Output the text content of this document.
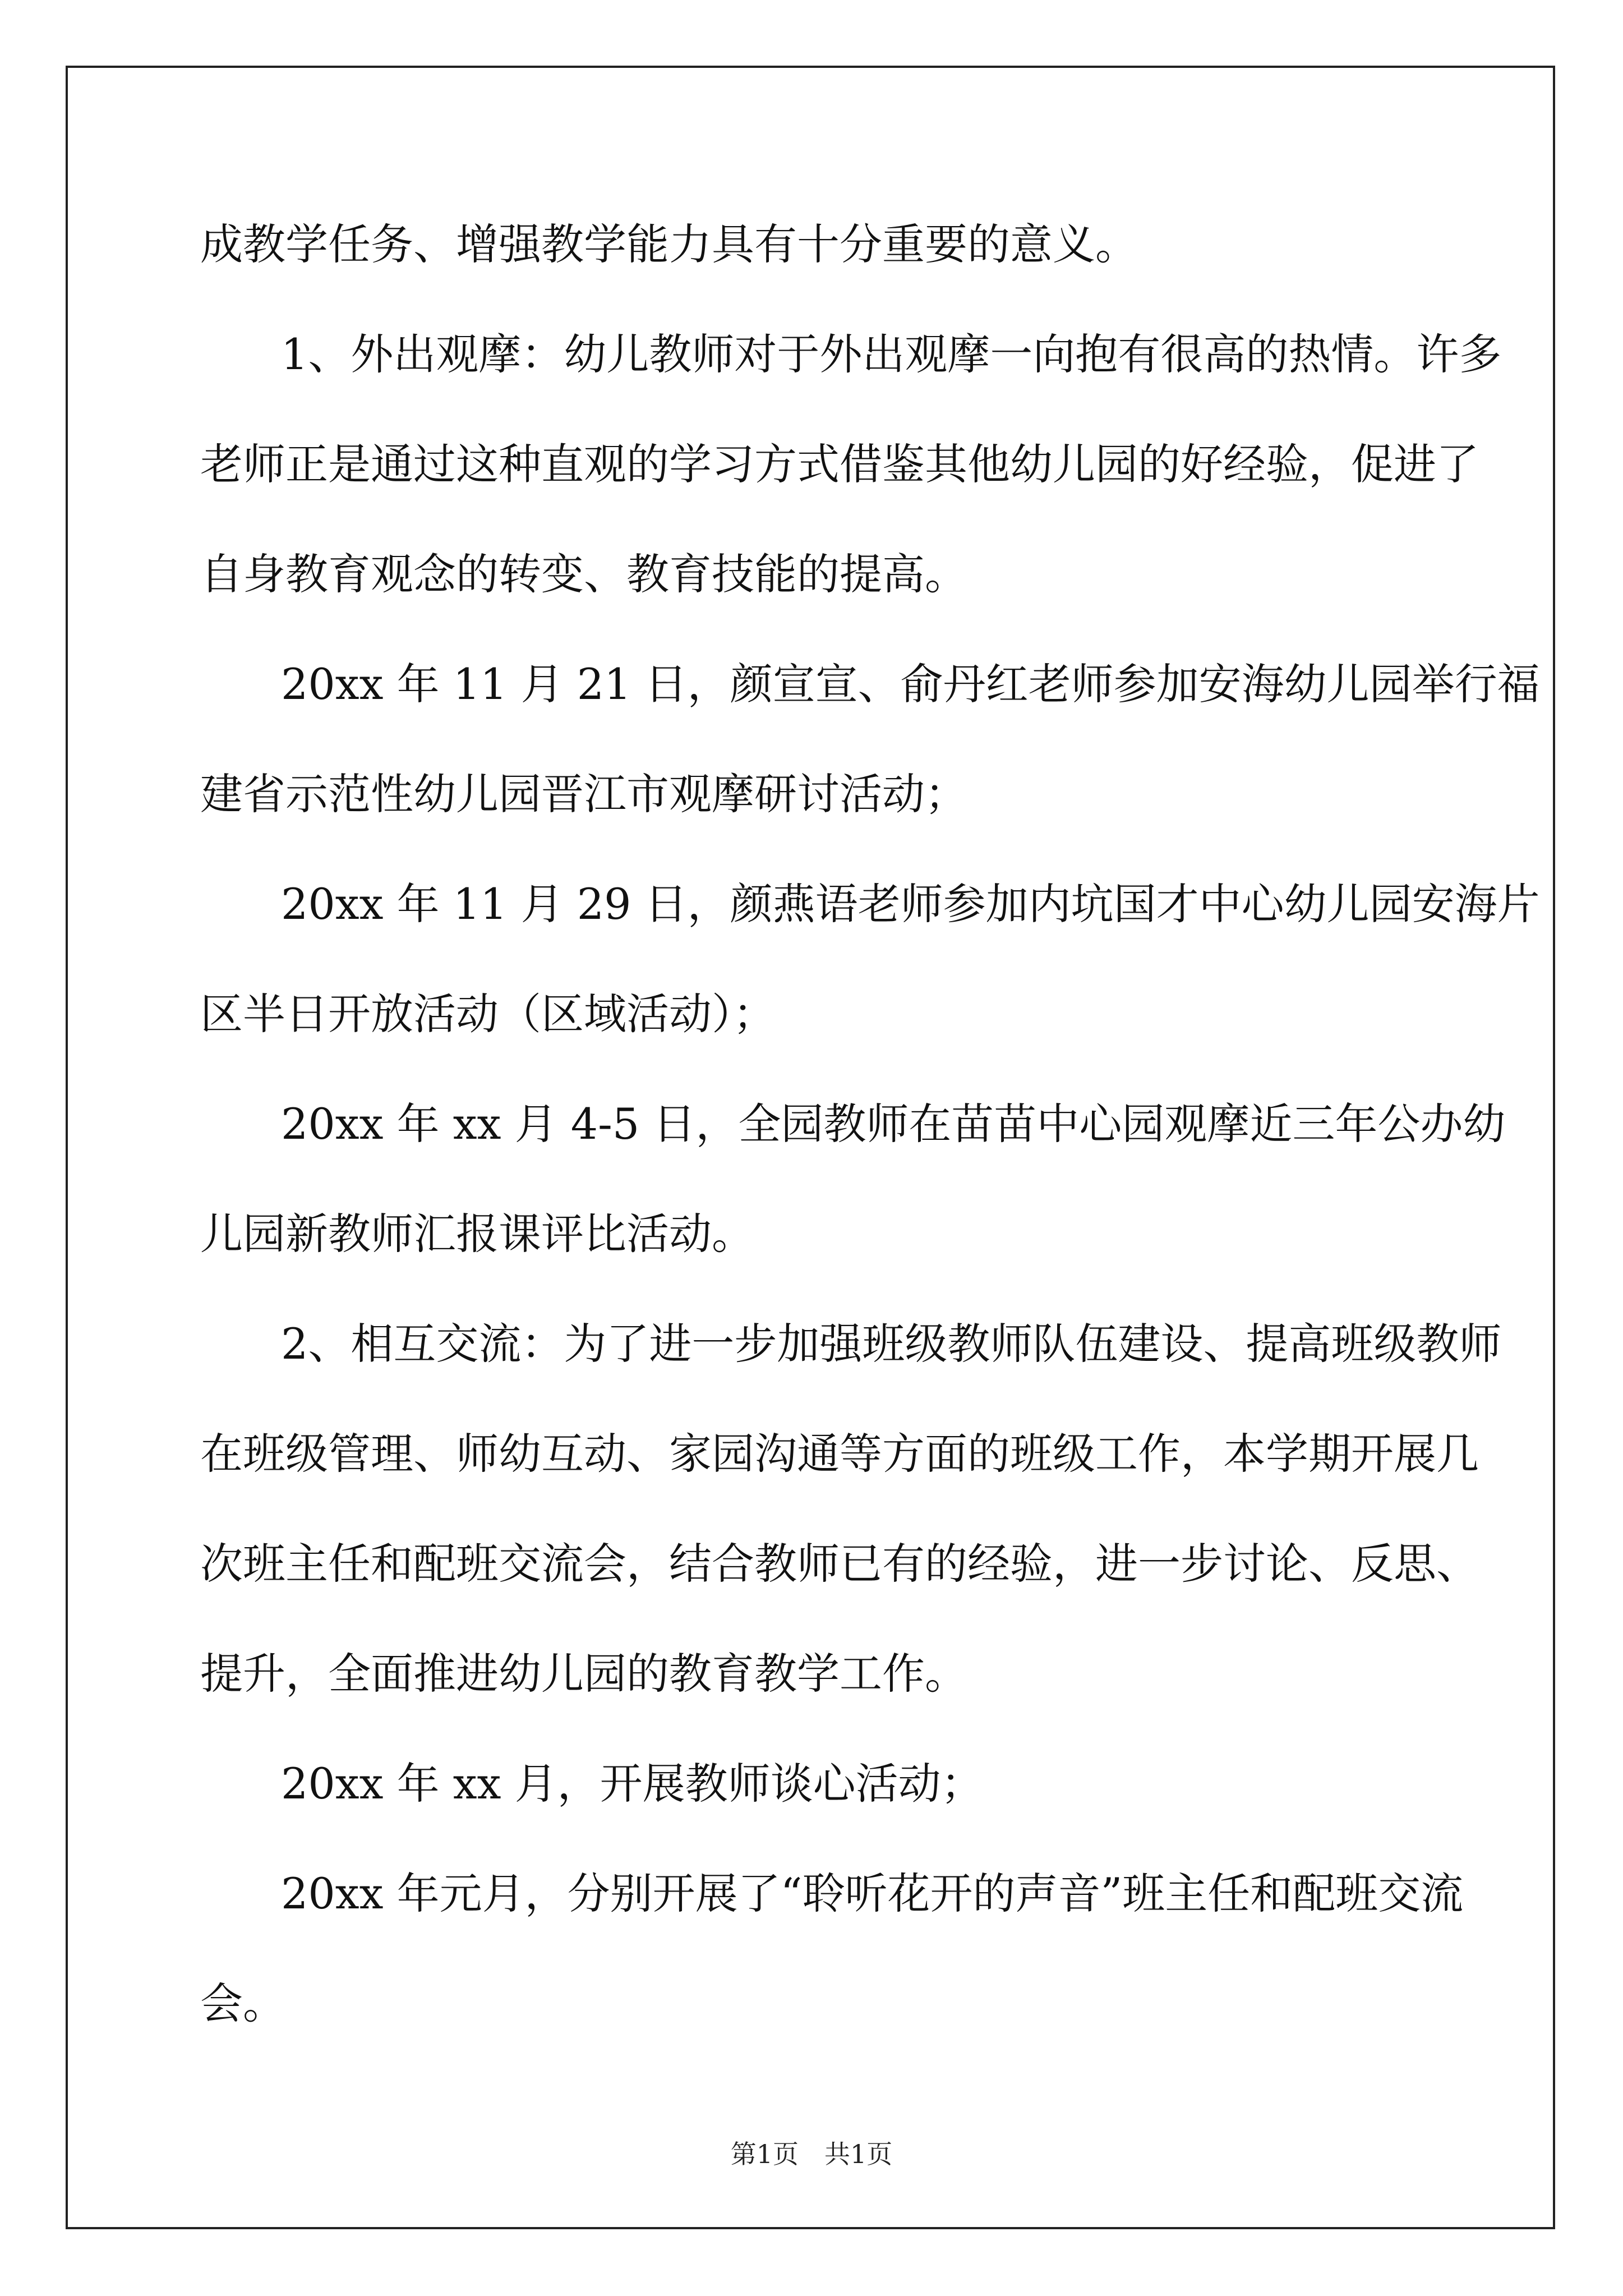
成教学任务、增强教学能力具有十分重要的意义。
1、外出观摩：幼儿教师对于外出观摩一向抱有很高的热情。许多
老师正是通过这种直观的学习方式借鉴其他幼儿园的好经验，促进了
自身教育观念的转变、教育技能的提高。
20xx 年 11 月 21 日，颜宣宣、俞丹红老师参加安海幼儿园举行福
建省示范性幼儿园晋江市观摩研讨活动；
20xx 年 11 月 29 日，颜燕语老师参加内坑国才中心幼儿园安海片
区半日开放活动（区域活动）；
20xx 年 xx 月 4-5 日，全园教师在苗苗中心园观摩近三年公办幼
儿园新教师汇报课评比活动。
2、相互交流：为了进一步加强班级教师队伍建设、提高班级教师
在班级管理、师幼互动、家园沟通等方面的班级工作，本学期开展几
次班主任和配班交流会，结合教师已有的经验，进一步讨论、反思、
提升，全面推进幼儿园的教育教学工作。
20xx 年 xx 月，开展教师谈心活动；
20xx 年元月，分别开展了“聆听花开的声音”班主任和配班交流
会。
第1页 共1页
